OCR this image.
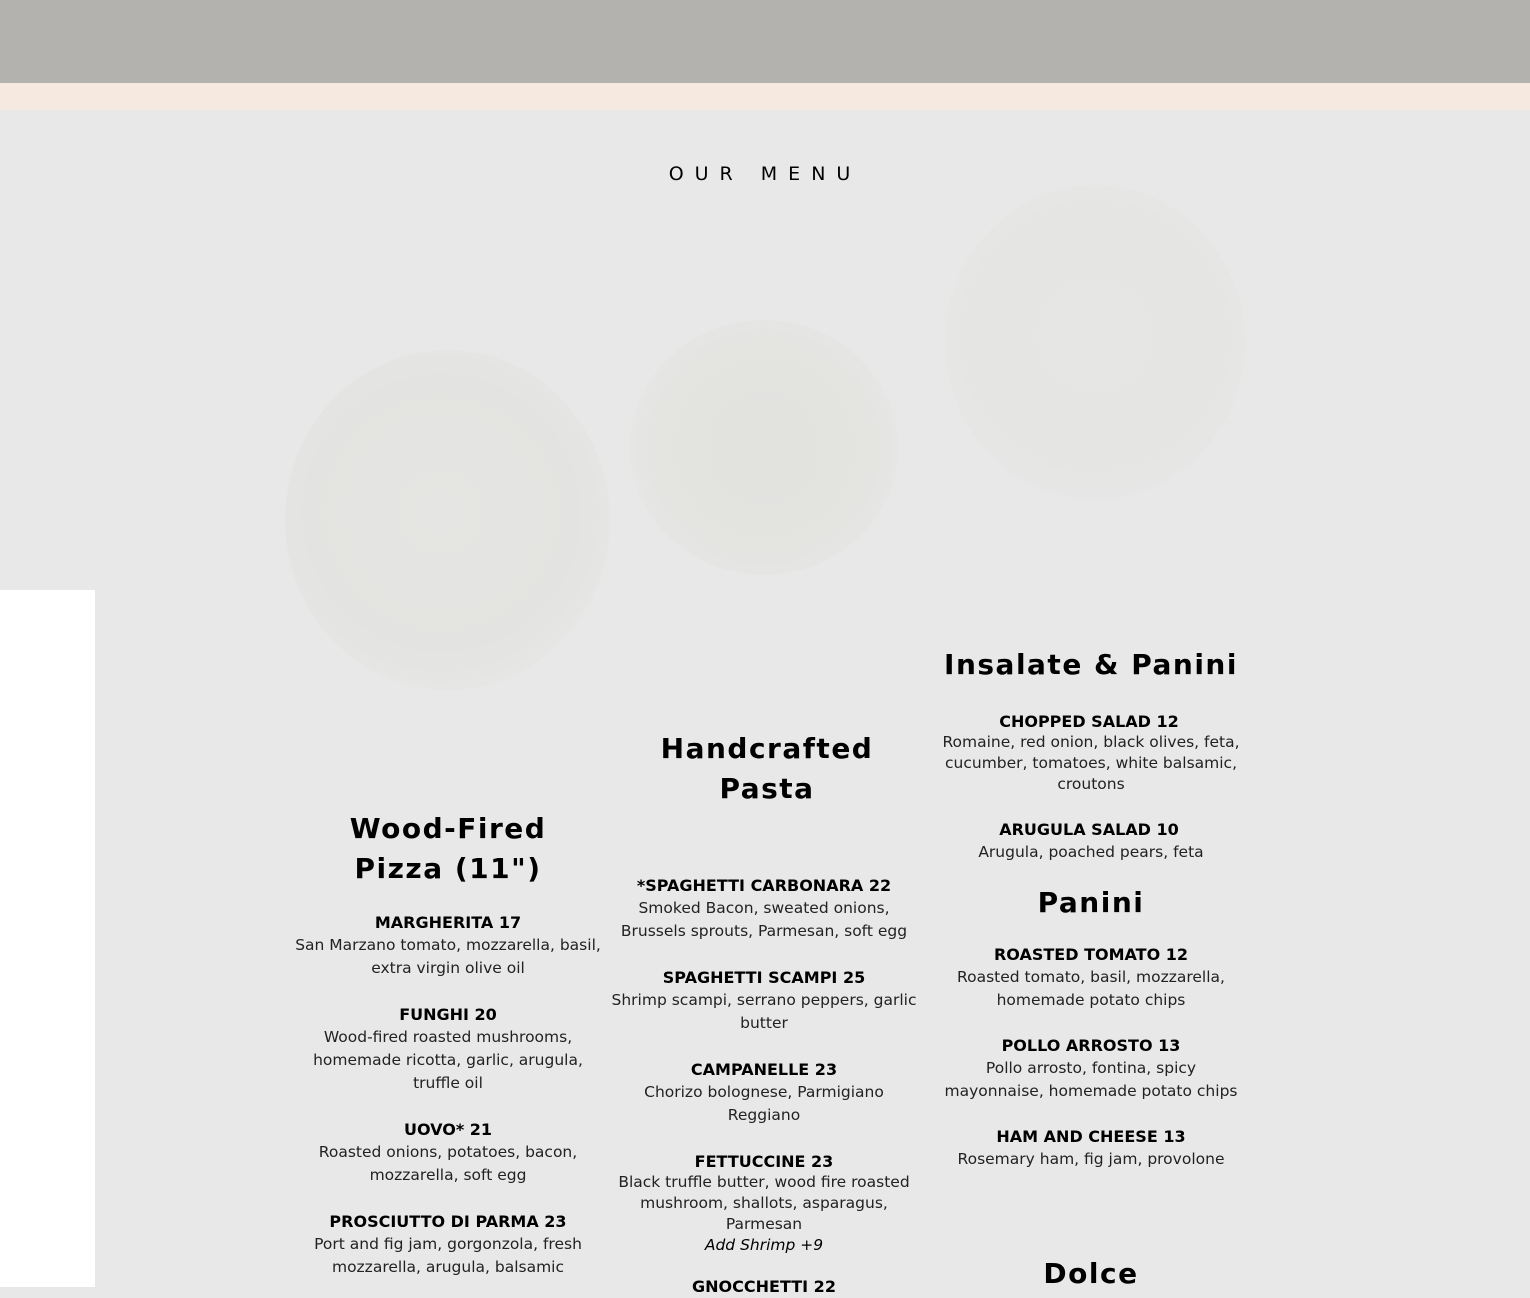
OUR MENU
Wood-Fired
Pizza (11")
MARGHERITA 17
San Marzano tomato, mozzarella, basil,
extra virgin olive oil
FUNGHI 20
Wood-fired roasted mushrooms,
homemade ricotta, garlic, arugula,
truffle oil
UOVO* 21
Roasted onions, potatoes, bacon,
mozzarella, soft egg
PROSCIUTTO DI PARMA 23
Port and fig jam, gorgonzola, fresh
mozzarella, arugula, balsamic
Handcrafted
Pasta
*SPAGHETTI CARBONARA 22
Smoked Bacon, sweated onions,
Brussels sprouts, Parmesan, soft egg
SPAGHETTI SCAMPI 25
Shrimp scampi, serrano peppers, garlic
butter
CAMPANELLE 23
Chorizo bolognese, Parmigiano
Reggiano
FETTUCCINE 23
Black truffle butter, wood fire roasted
mushroom, shallots, asparagus,
Parmesan
Add Shrimp +9
GNOCCHETTI 22
Insalate & Panini
CHOPPED SALAD 12
Romaine, red onion, black olives, feta,
cucumber, tomatoes, white balsamic,
croutons
ARUGULA SALAD 10
Arugula, poached pears, feta
Panini
ROASTED TOMATO 12
Roasted tomato, basil, mozzarella,
homemade potato chips
POLLO ARROSTO 13
Pollo arrosto, fontina, spicy
mayonnaise, homemade potato chips
HAM AND CHEESE 13
Rosemary ham, fig jam, provolone
Dolce
